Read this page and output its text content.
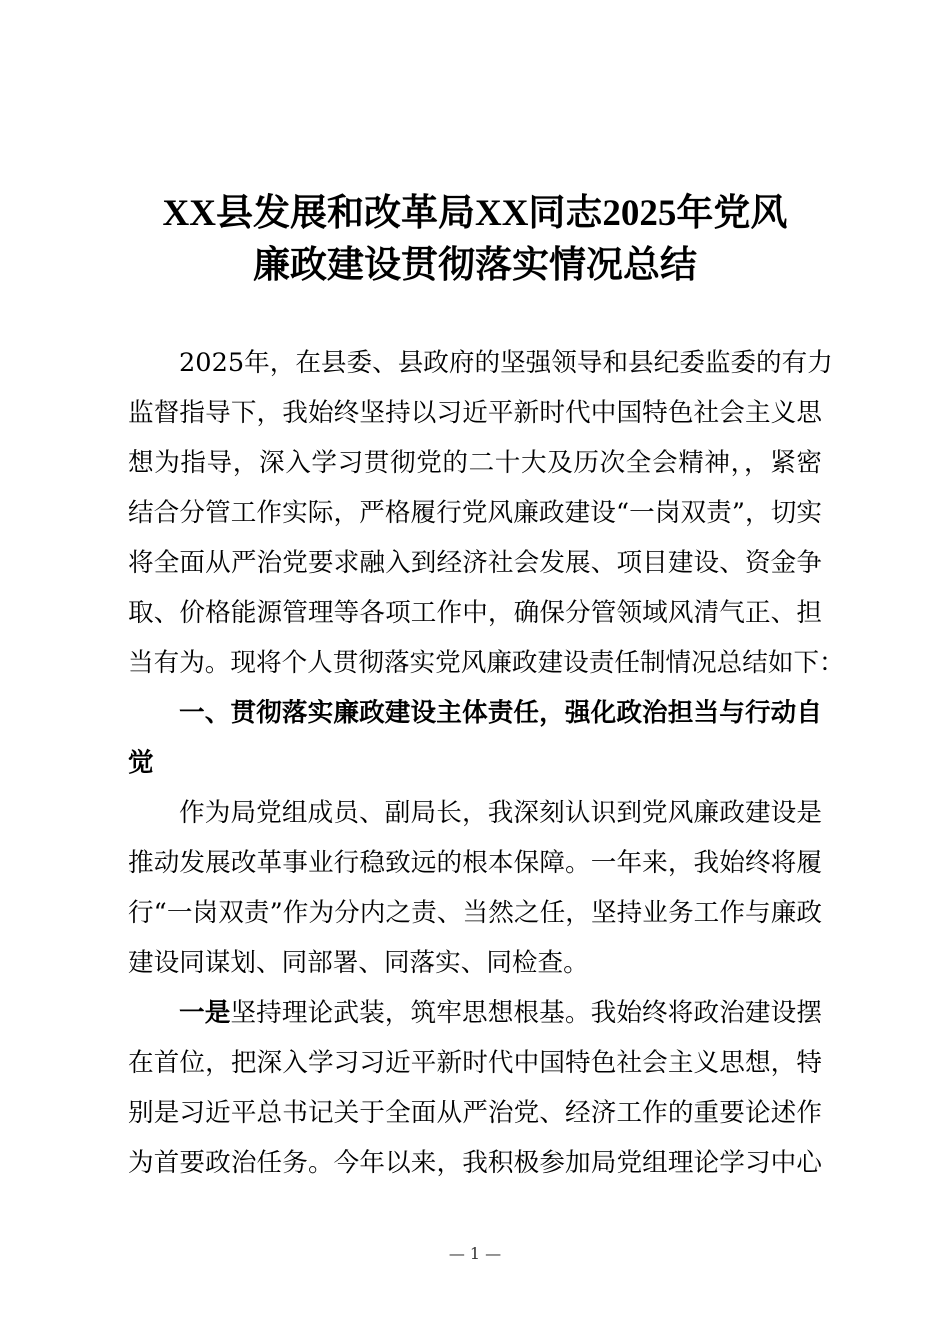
XX县发展和改革局XX同志2025年党风
廉政建设贯彻落实情况总结
2025年，在县委、县政府的坚强领导和县纪委监委的有力
监督指导下，我始终坚持以习近平新时代中国特色社会主义思
想为指导，深入学习贯彻党的二十大及历次全会精神，，紧密
结合分管工作实际，严格履行党风廉政建设“一岗双责”，切实
将全面从严治党要求融入到经济社会发展、项目建设、资金争
取、价格能源管理等各项工作中，确保分管领域风清气正、担
当有为。现将个人贯彻落实党风廉政建设责任制情况总结如下：
一、贯彻落实廉政建设主体责任，强化政治担当与行动自
觉
作为局党组成员、副局长，我深刻认识到党风廉政建设是
推动发展改革事业行稳致远的根本保障。一年来，我始终将履
行“一岗双责”作为分内之责、当然之任，坚持业务工作与廉政
建设同谋划、同部署、同落实、同检查。
一是坚持理论武装，筑牢思想根基。我始终将政治建设摆
在首位，把深入学习习近平新时代中国特色社会主义思想，特
别是习近平总书记关于全面从严治党、经济工作的重要论述作
为首要政治任务。今年以来，我积极参加局党组理论学习中心
— 1 —
